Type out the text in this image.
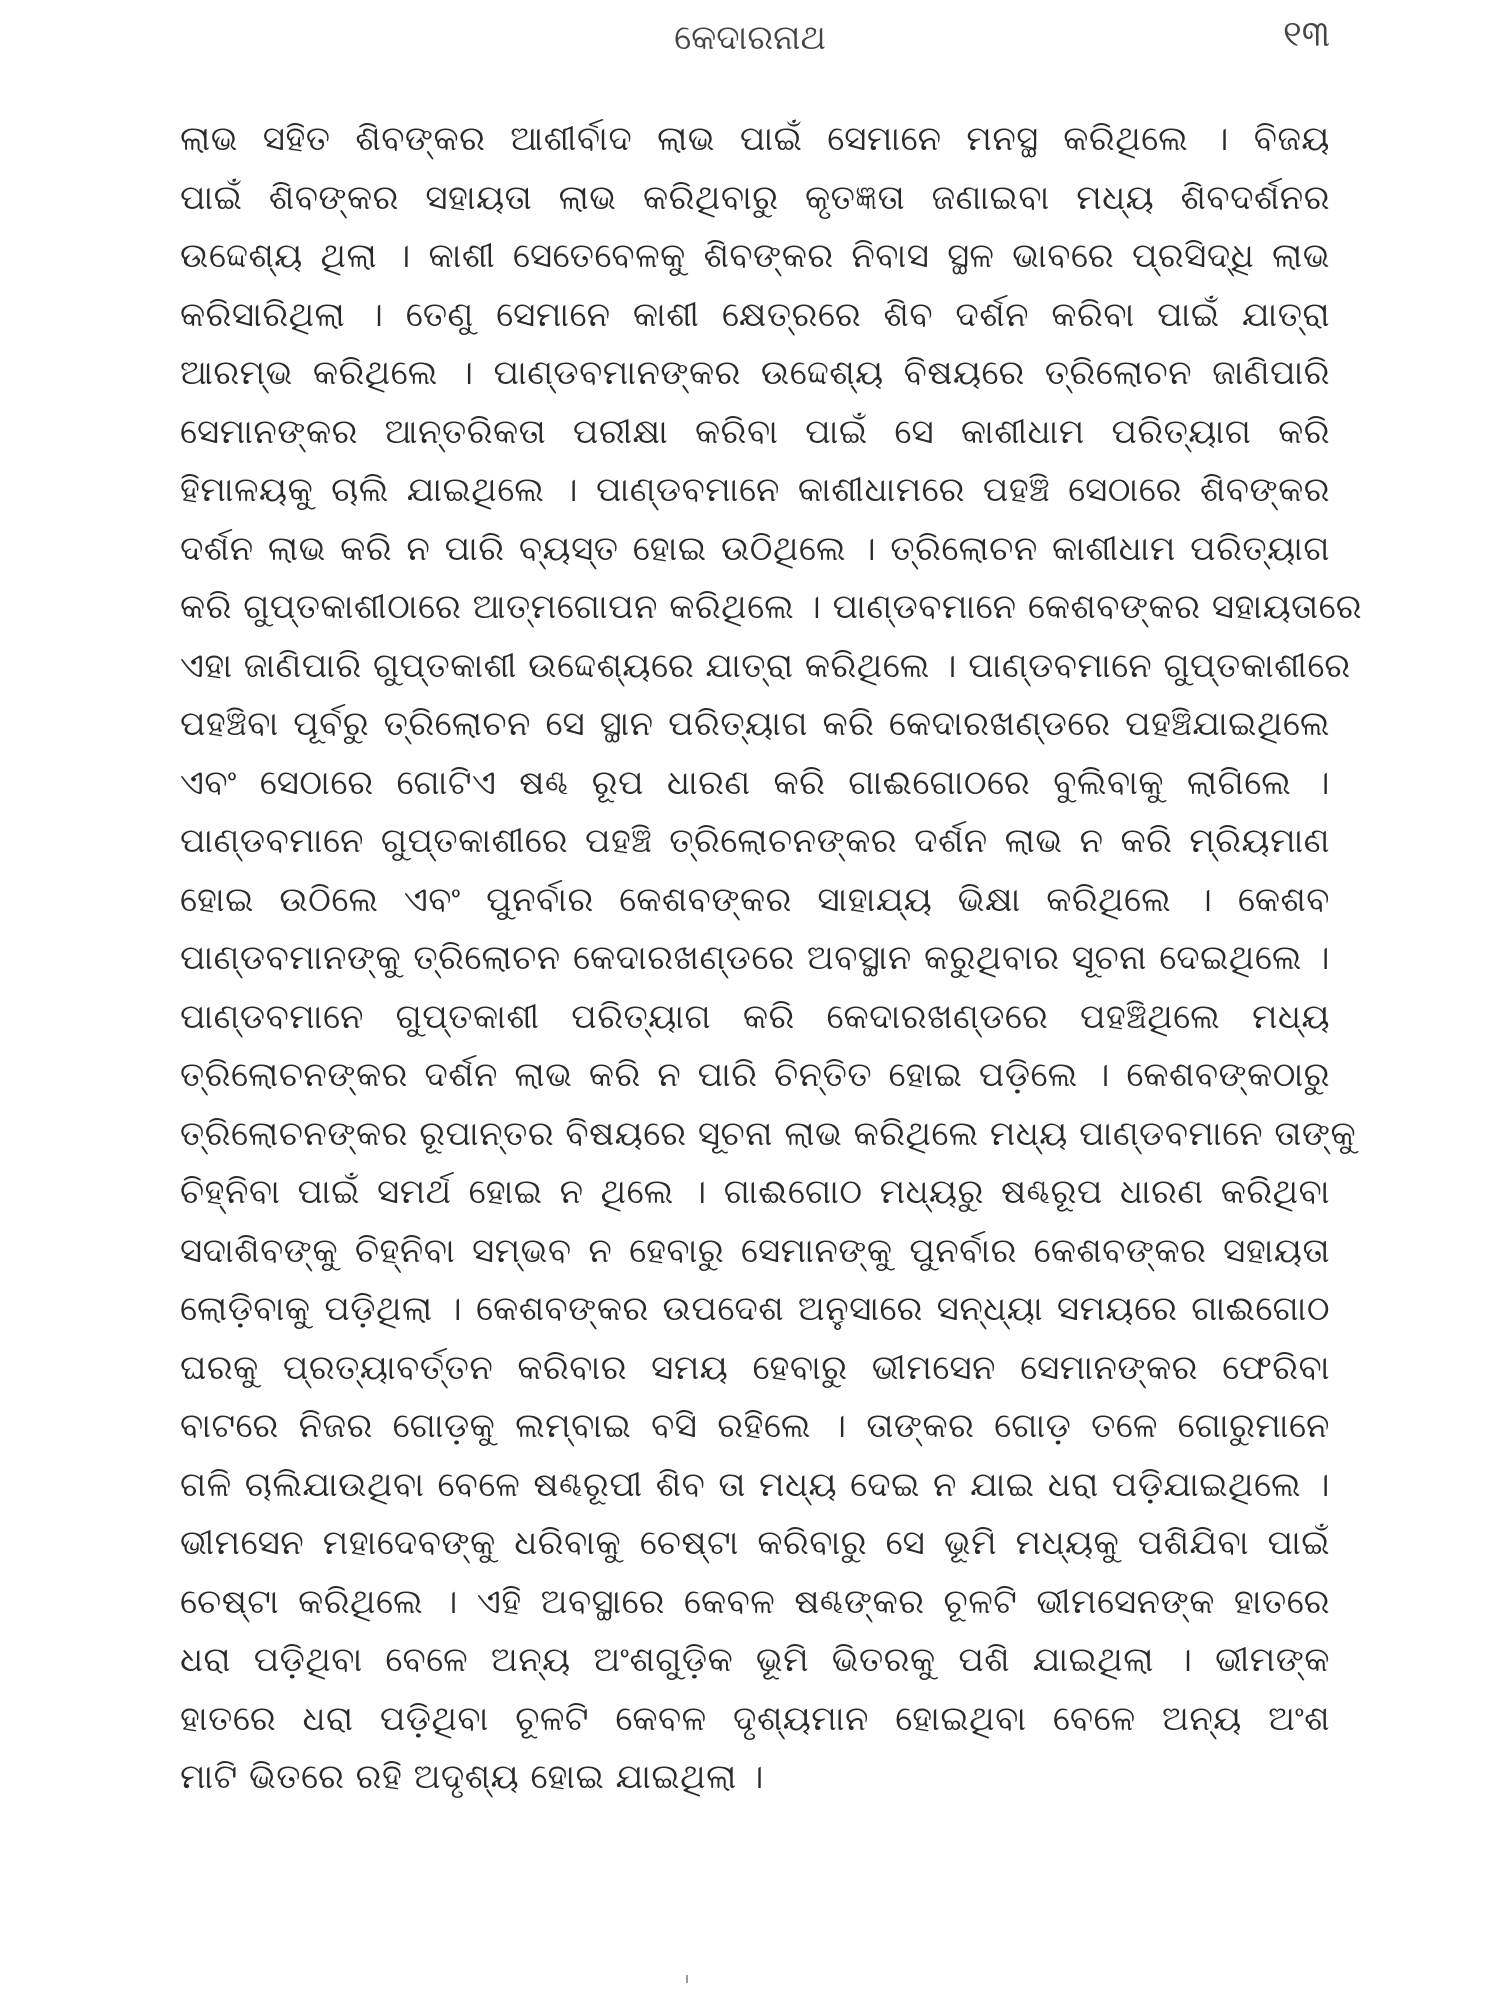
କେଦାରନାଥ	୧୩
ଲାଭ ସହିତ ଶିବଙ୍କର ଆଶୀର୍ବାଦ ଲାଭ ପାଇଁ ସେମାନେ ମନସ୍ଥ କରିଥିଲେ । ବିଜୟ
ପାଇଁ ଶିବଙ୍କର ସହାୟତା ଲାଭ କରିଥିବାରୁ କୃତଜ୍ଞତା ଜଣାଇବା ମଧ୍ୟ ଶିବଦର୍ଶନର
ଉଦ୍ଦେଶ୍ୟ ଥିଲା । କାଶୀ ସେତେବେଳକୁ ଶିବଙ୍କର ନିବାସ ସ୍ଥଳ ଭାବରେ ପ୍ରସିଦ୍ଧି ଲାଭ
କରିସାରିଥିଲା । ତେଣୁ ସେମାନେ କାଶୀ କ୍ଷେତ୍ରରେ ଶିବ ଦର୍ଶନ କରିବା ପାଇଁ ଯାତ୍ରା
ଆରମ୍ଭ କରିଥିଲେ । ପାଣ୍ଡବମାନଙ୍କର ଉଦ୍ଦେଶ୍ୟ ବିଷୟରେ ତ୍ରିଲୋଚନ ଜାଣିପାରି
ସେମାନଙ୍କର ଆନ୍ତରିକତା ପରୀକ୍ଷା କରିବା ପାଇଁ ସେ କାଶୀଧାମ ପରିତ୍ୟାଗ କରି
ହିମାଳୟକୁ ଚାଲି ଯାଇଥିଲେ । ପାଣ୍ଡବମାନେ କାଶୀଧାମରେ ପହଞ୍ଚି ସେଠାରେ ଶିବଙ୍କର
ଦର୍ଶନ ଲାଭ କରି ନ ପାରି ବ୍ୟସ୍ତ ହୋଇ ଉଠିଥିଲେ । ତ୍ରିଲୋଚନ କାଶୀଧାମ ପରିତ୍ୟାଗ
କରି ଗୁପ୍ତକାଶୀଠାରେ ଆତ୍ମଗୋପନ କରିଥିଲେ । ପାଣ୍ଡବମାନେ କେଶବଙ୍କର ସହାୟତାରେ
ଏହା ଜାଣିପାରି ଗୁପ୍ତକାଶୀ ଉଦ୍ଦେଶ୍ୟରେ ଯାତ୍ରା କରିଥିଲେ । ପାଣ୍ଡବମାନେ ଗୁପ୍ତକାଶୀରେ
ପହଞ୍ଚିବା ପୂର୍ବରୁ ତ୍ରିଲୋଚନ ସେ ସ୍ଥାନ ପରିତ୍ୟାଗ କରି କେଦାରଖଣ୍ଡରେ ପହଞ୍ଚିଯାଇଥିଲେ
ଏବଂ ସେଠାରେ ଗୋଟିଏ ଷଣ୍ଢ ରୂପ ଧାରଣ କରି ଗାଈଗୋଠରେ ବୁଲିବାକୁ ଲାଗିଲେ ।
ପାଣ୍ଡବମାନେ ଗୁପ୍ତକାଶୀରେ ପହଞ୍ଚି ତ୍ରିଲୋଚନଙ୍କର ଦର୍ଶନ ଲାଭ ନ କରି ମ୍ରିୟମାଣ
ହୋଇ ଉଠିଲେ ଏବଂ ପୁନର୍ବାର କେଶବଙ୍କର ସାହାଯ୍ୟ ଭିକ୍ଷା କରିଥିଲେ । କେଶବ
ପାଣ୍ଡବମାନଙ୍କୁ ତ୍ରିଲୋଚନ କେଦାରଖଣ୍ଡରେ ଅବସ୍ଥାନ କରୁଥିବାର ସୂଚନା ଦେଇଥିଲେ ।
ପାଣ୍ଡବମାନେ ଗୁପ୍ତକାଶୀ ପରିତ୍ୟାଗ କରି କେଦାରଖଣ୍ଡରେ ପହଞ୍ଚିଥିଲେ ମଧ୍ୟ
ତ୍ରିଲୋଚନଙ୍କର ଦର୍ଶନ ଲାଭ କରି ନ ପାରି ଚିନ୍ତିତ ହୋଇ ପଡ଼ିଲେ । କେଶବଙ୍କଠାରୁ
ତ୍ରିଲୋଚନଙ୍କର ରୂପାନ୍ତର ବିଷୟରେ ସୂଚନା ଲାଭ କରିଥିଲେ ମଧ୍ୟ ପାଣ୍ଡବମାନେ ତାଙ୍କୁ
ଚିହ୍ନିବା ପାଇଁ ସମର୍ଥ ହୋଇ ନ ଥିଲେ । ଗାଈଗୋଠ ମଧ୍ୟରୁ ଷଣ୍ଢରୂପ ଧାରଣ କରିଥିବା
ସଦାଶିବଙ୍କୁ ଚିହ୍ନିବା ସମ୍ଭବ ନ ହେବାରୁ ସେମାନଙ୍କୁ ପୁନର୍ବାର କେଶବଙ୍କର ସହାୟତା
ଲୋଡ଼ିବାକୁ ପଡ଼ିଥିଲା । କେଶବଙ୍କର ଉପଦେଶ ଅନୁସାରେ ସନ୍ଧ୍ୟା ସମୟରେ ଗାଈଗୋଠ
ଘରକୁ ପ୍ରତ୍ୟାବର୍ତ୍ତନ କରିବାର ସମୟ ହେବାରୁ ଭୀମସେନ ସେମାନଙ୍କର ଫେରିବା
ବାଟରେ ନିଜର ଗୋଡ଼କୁ ଲମ୍ବାଇ ବସି ରହିଲେ । ତାଙ୍କର ଗୋଡ଼ ତଳେ ଗୋରୁମାନେ
ଗଳି ଚାଲିଯାଉଥିବା ବେଳେ ଷଣ୍ଢରୂପୀ ଶିବ ତା ମଧ୍ୟ ଦେଇ ନ ଯାଇ ଧରା ପଡ଼ିଯାଇଥିଲେ ।
ଭୀମସେନ ମହାଦେବଙ୍କୁ ଧରିବାକୁ ଚେଷ୍ଟା କରିବାରୁ ସେ ଭୂମି ମଧ୍ୟକୁ ପଶିଯିବା ପାଇଁ
ଚେଷ୍ଟା କରିଥିଲେ । ଏହି ଅବସ୍ଥାରେ କେବଳ ଷଣ୍ଢଙ୍କର ଚୂଳଟି ଭୀମସେନଙ୍କ ହାତରେ
ଧରା ପଡ଼ିଥିବା ବେଳେ ଅନ୍ୟ ଅଂଶଗୁଡ଼ିକ ଭୂମି ଭିତରକୁ ପଶି ଯାଇଥିଲା । ଭୀମଙ୍କ
ହାତରେ ଧରା ପଡ଼ିଥିବା ଚୂଳଟି କେବଳ ଦୃଶ୍ୟମାନ ହୋଇଥିବା ବେଳେ ଅନ୍ୟ ଅଂଶ
ମାଟି ଭିତରେ ରହି ଅଦୃଶ୍ୟ ହୋଇ ଯାଇଥିଲା ।
